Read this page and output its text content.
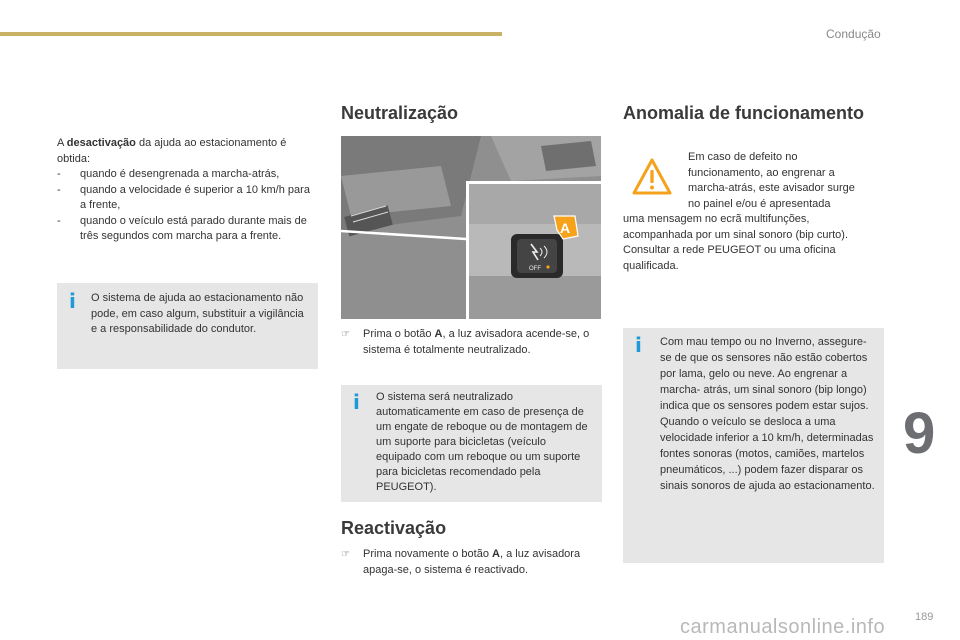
Condução
9
189
carmanualsonline.info

A desactivação da ajuda ao estacionamento é obtida:

-	quando é desengrenada a marcha-atrás,
-	quando a velocidade é superior a 10 km/h para a frente,
-	quando o veículo está parado durante mais de três segundos com marcha para a frente.
i O sistema de ajuda ao estacionamento não pode, em caso algum, substituir a vigilância e a responsabilidade do condutor.
Neutralização
OFF
A
☞	Prima o botão A, a luz avisadora acende-se, o sistema é totalmente neutralizado.
i O sistema será neutralizado automaticamente em caso de presença de um engate de reboque ou de montagem de um suporte para bicicletas (veículo equipado com um reboque ou um suporte para bicicletas recomendado pela PEUGEOT).
Reactivação
☞	Prima novamente o botão A, a luz avisadora apaga-se, o sistema é reactivado.
Anomalia de funcionamento

Em caso de defeito no

funcionamento, ao engrenar a

marcha-atrás, este avisador surge

no painel e/ou é apresentada

uma mensagem no ecrã multifunções,

acompanhada por um sinal sonoro (bip curto).

Consultar a rede PEUGEOT ou uma oficina

qualificada.

i Com mau tempo ou no Inverno, assegure-se de que os sensores não estão cobertos por lama, gelo ou neve. Ao engrenar a marcha- atrás, um sinal sonoro (bip longo) indica que os sensores podem estar sujos. Quando o veículo se desloca a uma velocidade inferior a 10 km/h, determinadas fontes sonoras (motos, camiões, martelos pneumáticos, ...) podem fazer disparar os sinais sonoros de ajuda ao estacionamento.
